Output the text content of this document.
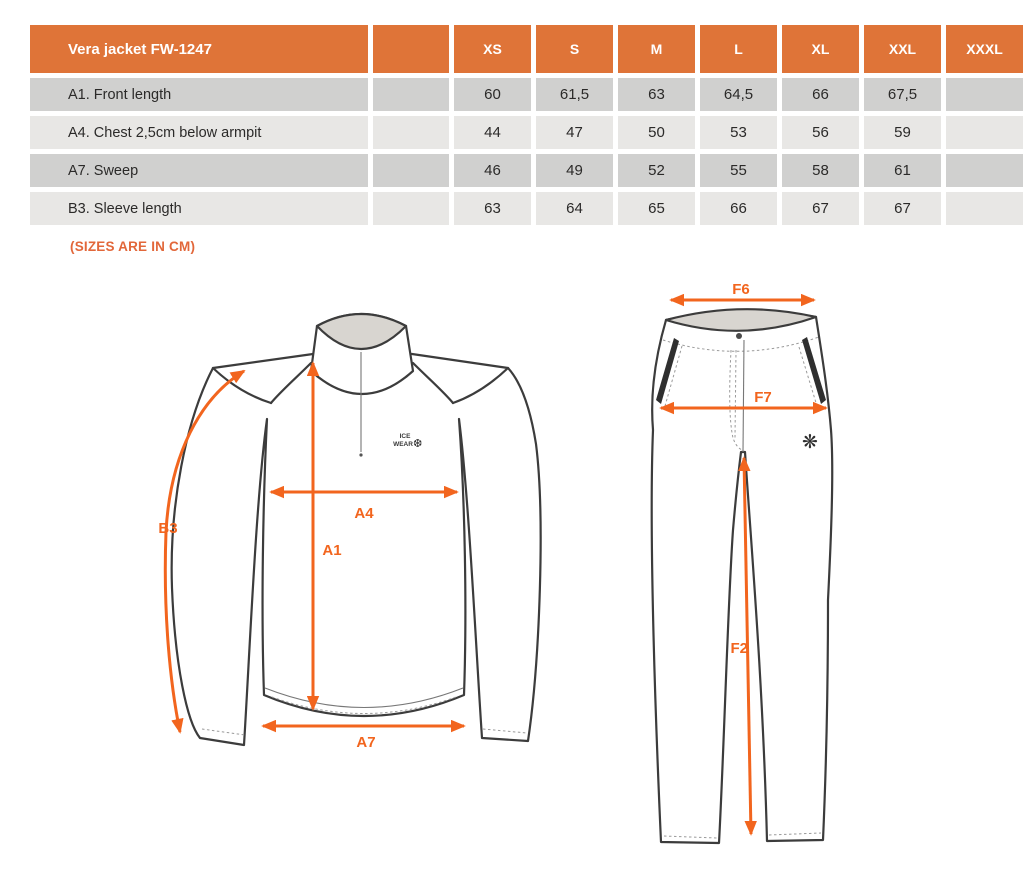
Vera jacket FW-1247		XS	S	M	L	XL	XXL	XXXL
A1. Front length		60	61,5	63	64,5	66	67,5	
A4. Chest 2,5cm below armpit		44	47	50	53	56	59	
A7. Sweep		46	49	52	55	58	61	
B3. Sleeve length		63	64	65	66	67	67	
(SIZES ARE IN CM)
ICE
WEAR ❆
B3
A1
A4
A7
❋
F6
F7
F2
